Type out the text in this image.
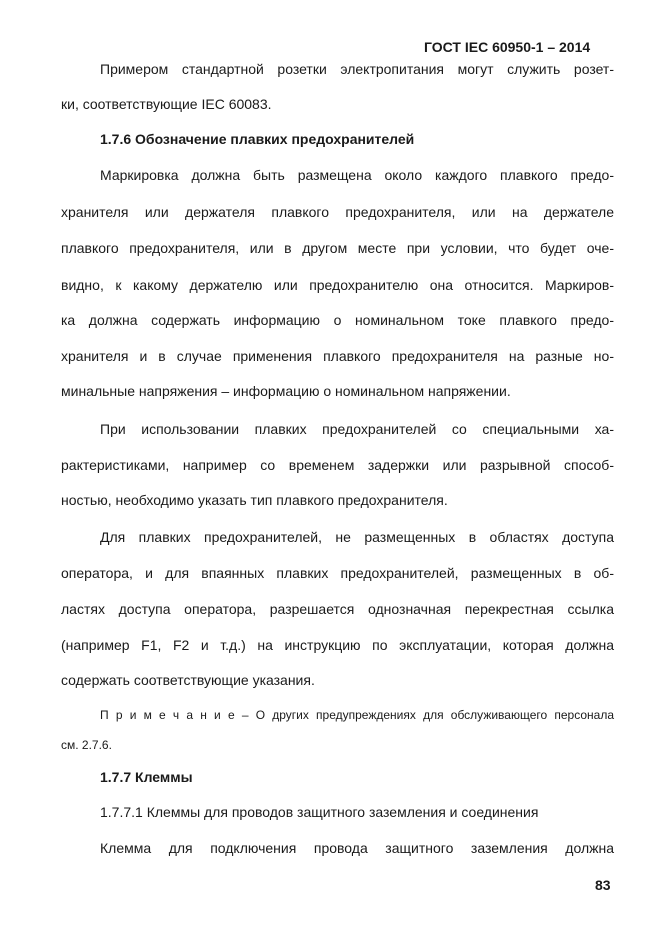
ГОСТ IEC 60950-1 – 2014
Примером стандартной розетки электропитания могут служить розет-
ки, соответствующие IEC 60083.
1.7.6 Обозначение плавких предохранителей
Маркировка должна быть размещена около каждого плавкого предо-
хранителя или держателя плавкого предохранителя, или на держателе
плавкого предохранителя, или в другом месте при условии, что будет оче-
видно, к какому держателю или предохранителю она относится. Маркиров-
ка должна содержать информацию о номинальном токе плавкого предо-
хранителя и в случае применения плавкого предохранителя на разные но-
минальные напряжения – информацию о номинальном напряжении.
При использовании плавких предохранителей со специальными ха-
рактеристиками, например со временем задержки или разрывной способ-
ностью, необходимо указать тип плавкого предохранителя.
Для плавких предохранителей, не размещенных в областях доступа
оператора, и для впаянных плавких предохранителей, размещенных в об-
ластях доступа оператора, разрешается однозначная перекрестная ссылка
(например F1, F2 и т.д.) на инструкцию по эксплуатации, которая должна
содержать соответствующие указания.
П р и м е ч а н и е – О других предупреждениях для обслуживающего персонала
см. 2.7.6.
1.7.7 Клеммы
1.7.7.1 Клеммы для проводов защитного заземления и соединения
Клемма для подключения провода защитного заземления должна
83
